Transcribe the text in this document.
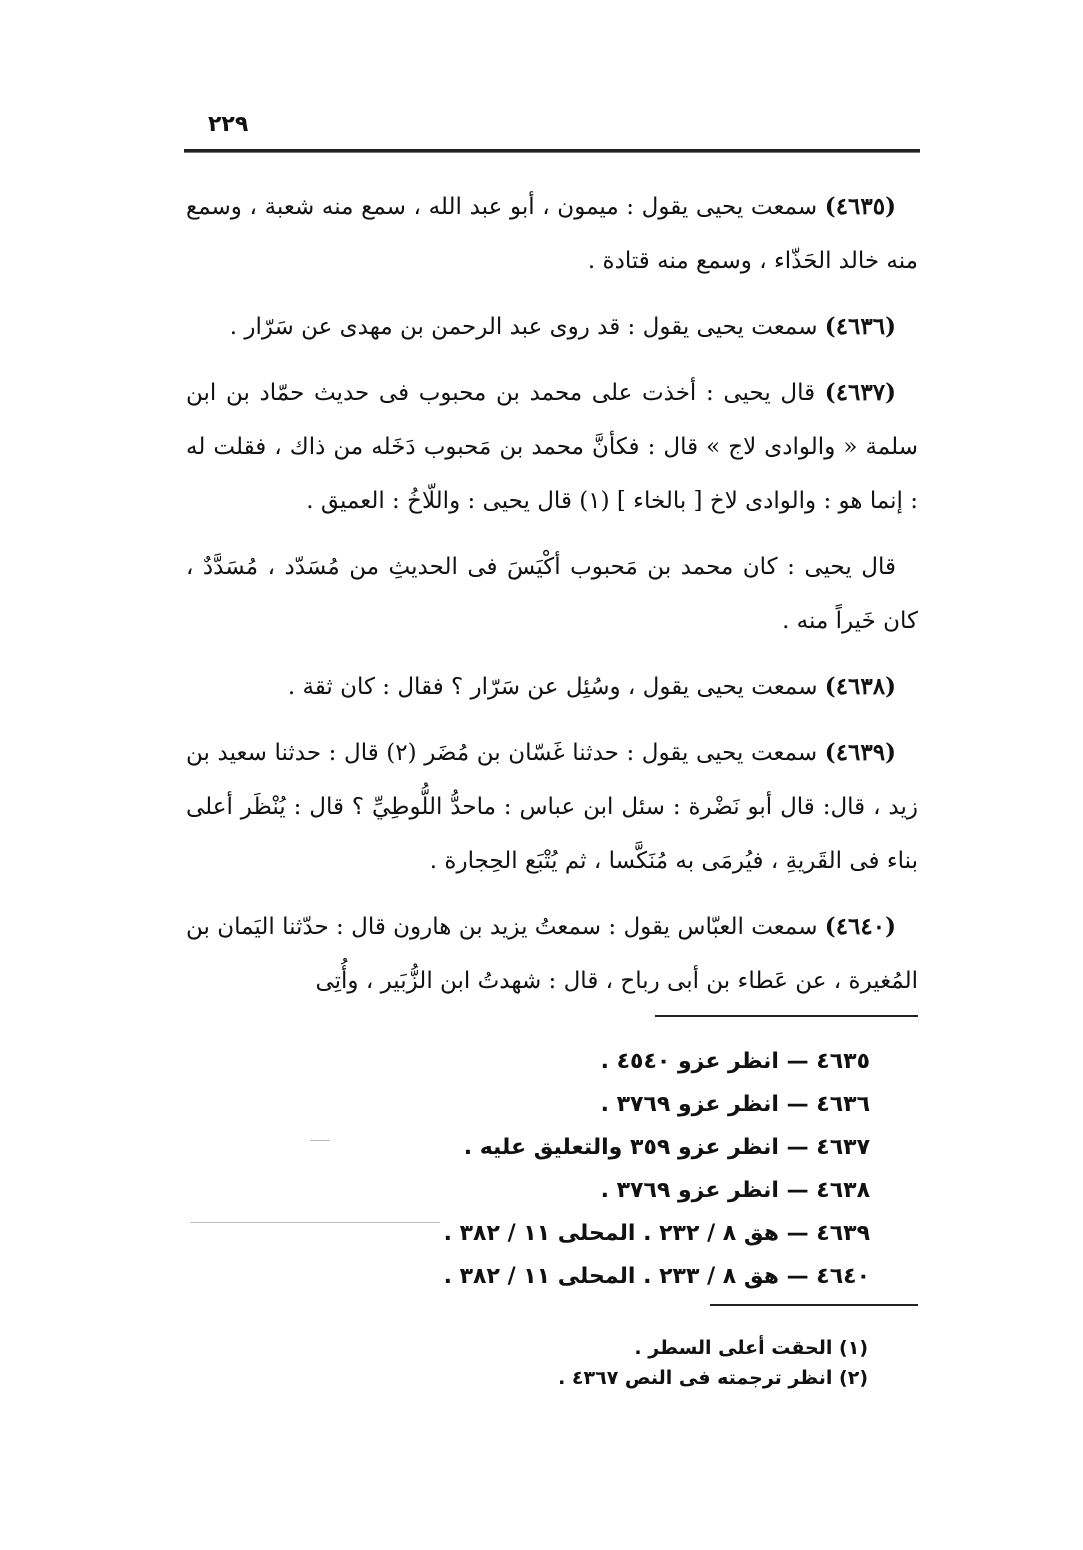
٢٢٩

(٤٦٣٥) سمعت يحيى يقول : ميمون ، أبو عبد الله ، سمع منه شعبة ، وسمع منه خالد الحَذّاء ، وسمع منه قتادة .

(٤٦٣٦) سمعت يحيى يقول : قد روى عبد الرحمن بن مهدى عن سَرّار .

(٤٦٣٧) قال يحيى : أخذت على محمد بن محبوب فى حديث حمّاد بن ابن سلمة « والوادى لاج » قال : فكأنَّ محمد بن مَحبوب دَخَله من ذاك ، فقلت له : إنما هو : والوادى لاخ [ بالخاء ] (١) قال يحيى : واللّاخُ : العميق .

قال يحيى : كان محمد بن مَحبوب أكْيَسَ فى الحديثِ من مُسَدّد ، مُسَدَّدٌ ، كان خَيراً منه .

(٤٦٣٨) سمعت يحيى يقول ، وسُئِل عن سَرّار ؟ فقال : كان ثقة .

(٤٦٣٩) سمعت يحيى يقول : حدثنا غَسّان بن مُضَر (٢) قال : حدثنا سعيد بن زيد ، قال: قال أبو نَضْرة : سئل ابن عباس : ماحدُّ اللُّوطِيِّ ؟ قال : يُنْظَر أعلى بناء فى القَريةِ ، فيُرمَى به مُنَكَّسا ، ثم يُتْبَع الحِجارة .

(٤٦٤٠) سمعت العبّاس يقول : سمعتُ يزيد بن هارون قال : حدّثنا اليَمان بن المُغيرة ، عن عَطاء بن أبى رباح ، قال : شهدتُ ابن الزُّبَير ، وأُتِى

٤٦٣٥ — انظر عزو ٤٥٤٠ .
٤٦٣٦ — انظر عزو ٣٧٦٩ .
٤٦٣٧ — انظر عزو ٣٥٩ والتعليق عليه .
٤٦٣٨ — انظر عزو ٣٧٦٩ .
٤٦٣٩ — هق ٨ / ٢٣٢ . المحلى ١١ / ٣٨٢ .
٤٦٤٠ — هق ٨ / ٢٣٣ . المحلى ١١ / ٣٨٢ .
(١) الحقت أعلى السطر .
(٢) انظر ترجمته فى النص ٤٣٦٧ .
